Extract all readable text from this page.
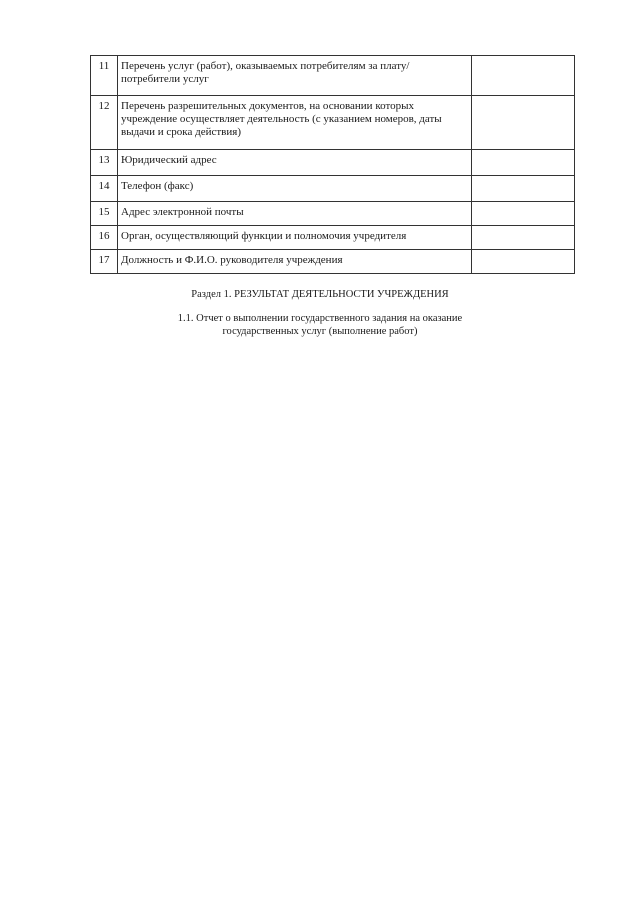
11	Перечень услуг (работ), оказываемых потребителям за плату/потребители услуг	
12	Перечень разрешительных документов, на основании которых учреждение осуществляет деятельность (с указанием номеров, даты выдачи и срока действия)	
13	Юридический адрес	
14	Телефон (факс)	
15	Адрес электронной почты	
16	Орган, осуществляющий функции и полномочия учредителя	
17	Должность и Ф.И.О. руководителя учреждения	
Раздел 1. РЕЗУЛЬТАТ ДЕЯТЕЛЬНОСТИ УЧРЕЖДЕНИЯ
1.1. Отчет о выполнении государственного задания на оказание
государственных услуг (выполнение работ)
